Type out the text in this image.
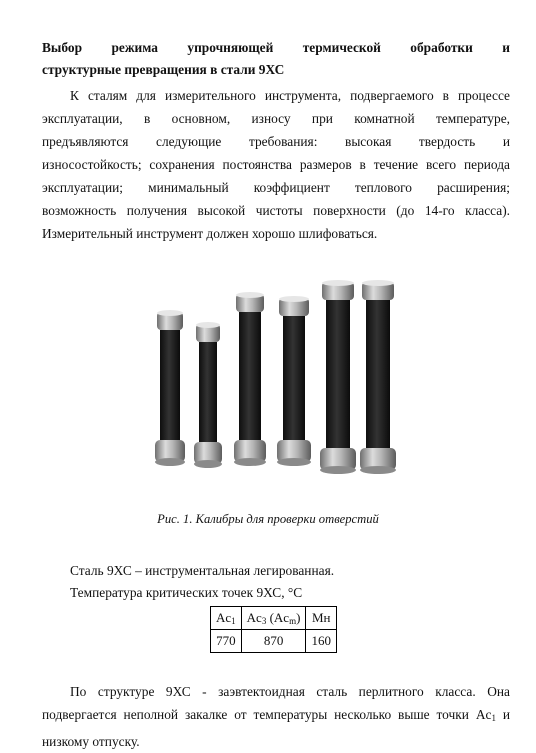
Выбор режима упрочняющей термической обработки и
структурные превращения в стали 9ХС

К сталям для измерительного инструмента, подвергаемого в процессе
эксплуатации, в основном, износу при комнатной температуре,
предъявляются следующие требования: высокая твердость и
износостойкость; сохранения постоянства размеров в течение всего периода
эксплуатации; минимальный коэффициент теплового расширения;
возможность получения высокой чистоты поверхности (до 14-го класса).
Измерительный инструмент должен хорошо шлифоваться.

Рис. 1. Калибры для проверки отверстий
Сталь 9ХС – инструментальная легированная.
Температура критических точек 9ХС, °С
$Ac_1$	$Ac_3$ $(Ac_m)$	Мн
770	870	160

По структуре 9ХС - заэвтектоидная сталь перлитного класса. Она
подвергается неполной закалке от температуры несколько выше точки $Ac_1$ и
низкому отпуску.
